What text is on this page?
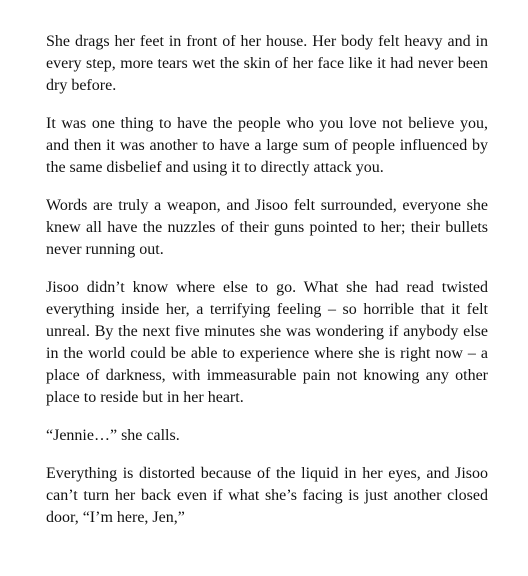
She drags her feet in front of her house. Her body felt heavy and in every step, more tears wet the skin of her face like it had never been dry before.

It was one thing to have the people who you love not believe you, and then it was another to have a large sum of people influenced by the same disbelief and using it to directly attack you.

Words are truly a weapon, and Jisoo felt surrounded, everyone she knew all have the nuzzles of their guns pointed to her; their bullets never running out.

Jisoo didn’t know where else to go. What she had read twisted everything inside her, a terrifying feeling – so horrible that it felt unreal. By the next five minutes she was wondering if anybody else in the world could be able to experience where she is right now – a place of darkness, with immeasurable pain not knowing any other place to reside but in her heart.

“Jennie…” she calls.

Everything is distorted because of the liquid in her eyes, and Jisoo can’t turn her back even if what she’s facing is just another closed door, “I’m here, Jen,”
